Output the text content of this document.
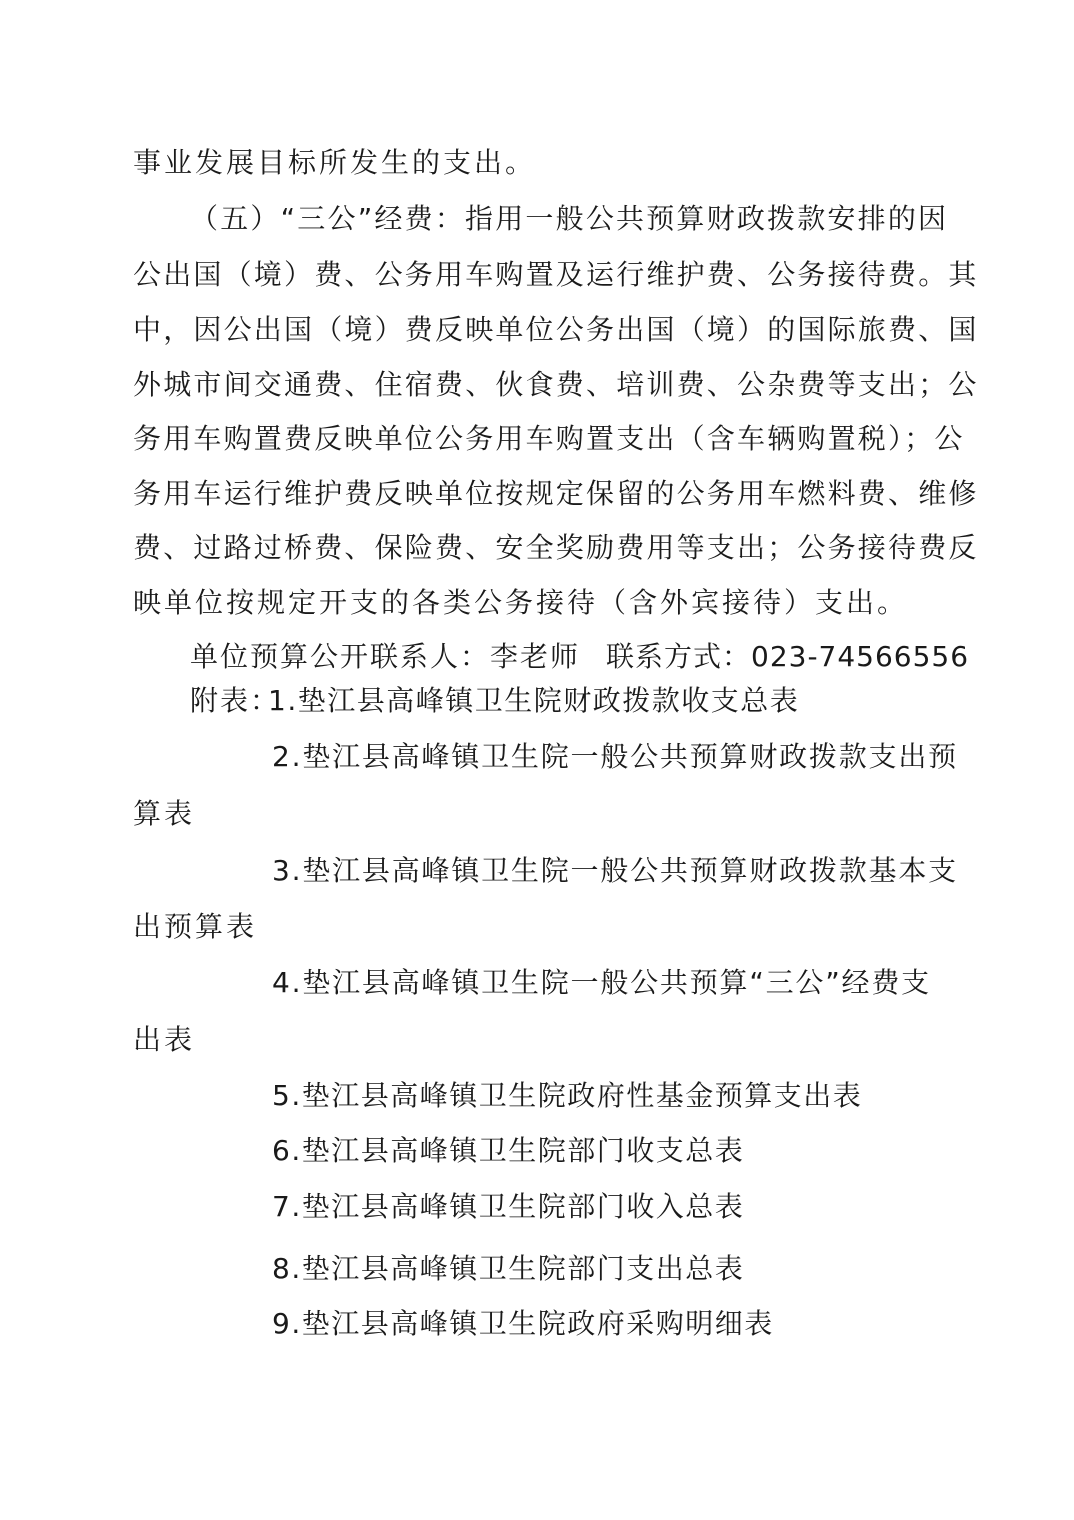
事业发展目标所发生的支出。
（五）“三公”经费：指用一般公共预算财政拨款安排的因
公出国（境）费、公务用车购置及运行维护费、公务接待费。其
中，因公出国（境）费反映单位公务出国（境）的国际旅费、国
外城市间交通费、住宿费、伙食费、培训费、公杂费等支出；公
务用车购置费反映单位公务用车购置支出（含车辆购置税）；公
务用车运行维护费反映单位按规定保留的公务用车燃料费、维修
费、过路过桥费、保险费、安全奖励费用等支出；公务接待费反
映单位按规定开支的各类公务接待（含外宾接待）支出。
单位预算公开联系人：李老师 联系方式：023-74566556
附表：
1.垫江县高峰镇卫生院财政拨款收支总表
2.垫江县高峰镇卫生院一般公共预算财政拨款支出预
算表
3.垫江县高峰镇卫生院一般公共预算财政拨款基本支
出预算表
4.垫江县高峰镇卫生院一般公共预算“三公”经费支
出表
5.垫江县高峰镇卫生院政府性基金预算支出表
6.垫江县高峰镇卫生院部门收支总表
7.垫江县高峰镇卫生院部门收入总表
8.垫江县高峰镇卫生院部门支出总表
9.垫江县高峰镇卫生院政府采购明细表
